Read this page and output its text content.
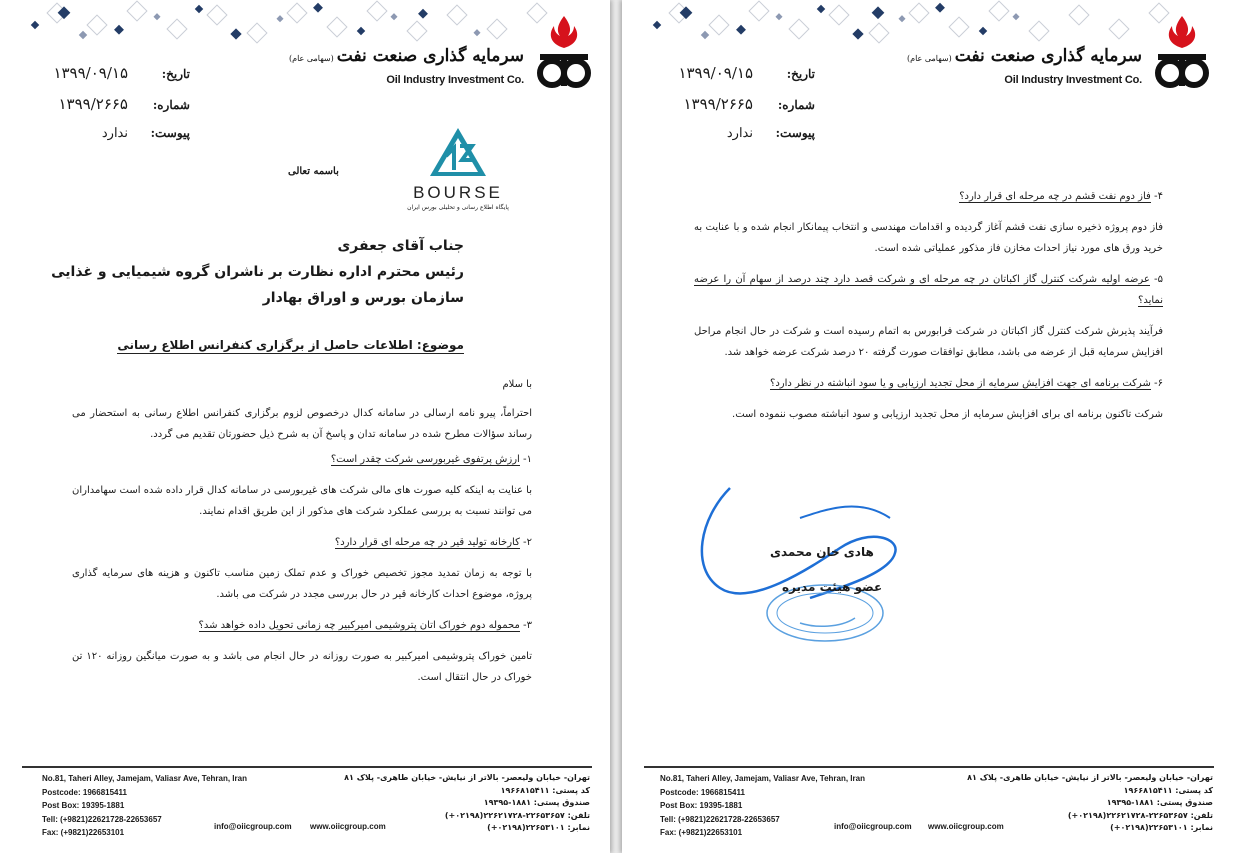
سرمایه گذاری صنعت نفت(سهامی عام)
Oil Industry Investment Co.
تاریخ:
۱۳۹۹/۰۹/۱۵
شماره:
۱۳۹۹/۲۶۶۵
پیوست:
ندارد
BOURSE
پایگاه اطلاع رسانی و تحلیلی بورس ایران
باسمه تعالی
جناب آقای جعفری
رئیس محترم اداره نظارت بر ناشران گروه شیمیایی و غذایی
سازمان بورس و اوراق بهادار
موضوع: اطلاعات حاصل از برگزاری کنفرانس اطلاع رسانی

با سلام

احتراماً، پیرو نامه ارسالی در سامانه کدال درخصوص لزوم برگزاری کنفرانس اطلاع رسانی به استحضار می رساند سؤالات مطرح شده در سامانه تدان و پاسخ آن به شرح ذیل حضورتان تقدیم می گردد.

۱- ارزش پرتفوی غیربورسی شرکت چقدر است؟

با عنایت به اینکه کلیه صورت های مالی شرکت های غیربورسی در سامانه کدال قرار داده شده است سهامداران می توانند نسبت به بررسی عملکرد شرکت های مذکور از این طریق اقدام نمایند.

۲- کارخانه تولید قیر در چه مرحله ای قرار دارد؟

با توجه به زمان تمدید مجوز تخصیص خوراک و عدم تملک زمین مناسب تاکنون و هزینه های سرمایه گذاری پروژه، موضوع احداث کارخانه قیر در حال بررسی مجدد در شرکت می باشد.

۳- محموله دوم خوراک اتان پتروشیمی امیرکبیر چه زمانی تحویل داده خواهد شد؟

تامین خوراک پتروشیمی امیرکبیر به صورت روزانه در حال انجام می باشد و به صورت میانگین روزانه ۱۲۰ تن خوراک در حال انتقال است.

No.81, Taheri Alley, Jamejam, Valiasr Ave, Tehran, Iran
Postcode: 1966815411
Post Box: 19395-1881
Tell: (+9821)22621728-22653657
Fax: (+9821)22653101
info@oiicgroup.com www.oiicgroup.com
تهران- خیابان ولیعصر- بالاتر از نیایش- خیابان طاهری- پلاک ۸۱
کد پستی: ۱۹۶۶۸۱۵۴۱۱
صندوق پستی: ۱۸۸۱-۱۹۳۹۵
تلفن: ۲۲۶۵۳۶۵۷-۲۲۶۲۱۷۲۸(۰۲۱۹۸+)
نمابر: ۲۲۶۵۳۱۰۱(۰۲۱۹۸+)
سرمایه گذاری صنعت نفت(سهامی عام)
Oil Industry Investment Co.
تاریخ:
۱۳۹۹/۰۹/۱۵
شماره:
۱۳۹۹/۲۶۶۵
پیوست:
ندارد

۴- فاز دوم نفت قشم در چه مرحله ای قرار دارد؟

فاز دوم پروژه ذخیره سازی نفت قشم آغاز گردیده و اقدامات مهندسی و انتخاب پیمانکار انجام شده و با عنایت به خرید ورق های مورد نیاز احداث مخازن فاز مذکور عملیاتی شده است.

۵- عرضه اولیه شرکت کنترل گاز اکباتان در چه مرحله ای و شرکت قصد دارد چند درصد از سهام آن را عرضه نماید؟

فرآیند پذیرش شرکت کنترل گاز اکباتان در شرکت فرابورس به اتمام رسیده است و شرکت در حال انجام مراحل افزایش سرمایه قبل از عرضه می باشد، مطابق توافقات صورت گرفته ۲۰ درصد شرکت عرضه خواهد شد.

۶- شرکت برنامه ای جهت افزایش سرمایه از محل تجدید ارزیابی و یا سود انباشته در نظر دارد؟

شرکت تاکنون برنامه ای برای افزایش سرمایه از محل تجدید ارزیابی و سود انباشته مصوب ننموده است.

No.81, Taheri Alley, Jamejam, Valiasr Ave, Tehran, Iran
Postcode: 1966815411
Post Box: 19395-1881
Tell: (+9821)22621728-22653657
Fax: (+9821)22653101
info@oiicgroup.com www.oiicgroup.com
تهران- خیابان ولیعصر- بالاتر از نیایش- خیابان طاهری- پلاک ۸۱
کد پستی: ۱۹۶۶۸۱۵۴۱۱
صندوق پستی: ۱۸۸۱-۱۹۳۹۵
تلفن: ۲۲۶۵۳۶۵۷-۲۲۶۲۱۷۲۸(۰۲۱۹۸+)
نمابر: ۲۲۶۵۳۱۰۱(۰۲۱۹۸+)
هادی خان محمدی
عضو هیئت مدیره
